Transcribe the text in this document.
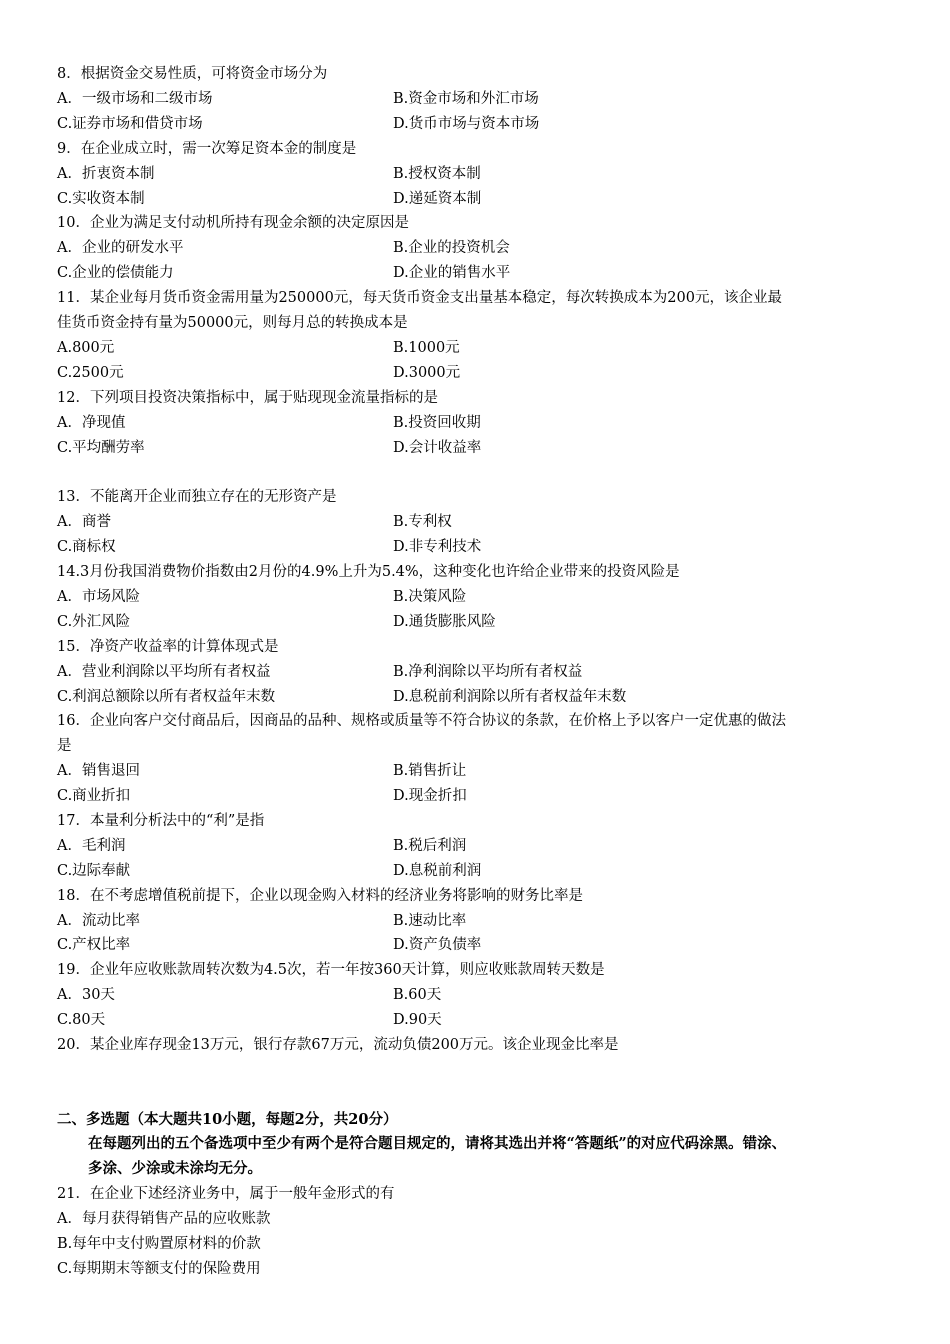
8．根据资金交易性质，可将资金市场分为
A．一级市场和二级市场	B.资金市场和外汇市场
C.证券市场和借贷市场	D.货币市场与资本市场
9．在企业成立时，需一次筹足资本金的制度是
A．折衷资本制	B.授权资本制
C.实收资本制	D.递延资本制
10．企业为满足支付动机所持有现金余额的决定原因是
A．企业的研发水平	B.企业的投资机会
C.企业的偿债能力	D.企业的销售水平
11．某企业每月货币资金需用量为250000元，每天货币资金支出量基本稳定，每次转换成本为200元，该企业最
佳货币资金持有量为50000元，则每月总的转换成本是
A.800元	B.1000元
C.2500元	D.3000元
12．下列项目投资决策指标中，属于贴现现金流量指标的是
A．净现值	B.投资回收期
C.平均酬劳率	D.会计收益率
13．不能离开企业而独立存在的无形资产是
A．商誉	B.专利权
C.商标权	D.非专利技术
14.3月份我国消费物价指数由2月份的4.9%上升为5.4%，这种变化也许给企业带来的投资风险是
A．市场风险	B.决策风险
C.外汇风险	D.通货膨胀风险
15．净资产收益率的计算体现式是
A．营业利润除以平均所有者权益	B.净利润除以平均所有者权益
C.利润总额除以所有者权益年末数	D.息税前利润除以所有者权益年末数
16．企业向客户交付商品后，因商品的品种、规格或质量等不符合协议的条款，在价格上予以客户一定优惠的做法
是
A．销售退回	B.销售折让
C.商业折扣	D.现金折扣
17．本量利分析法中的“利”是指
A．毛利润	B.税后利润
C.边际奉献	D.息税前利润
18．在不考虑增值税前提下，企业以现金购入材料的经济业务将影响的财务比率是
A．流动比率	B.速动比率
C.产权比率	D.资产负债率
19．企业年应收账款周转次数为4.5次，若一年按360天计算，则应收账款周转天数是
A．30天	B.60天
C.80天	D.90天
20．某企业库存现金13万元，银行存款67万元，流动负债200万元。该企业现金比率是
二、多选题（本大题共10小题，每题2分，共20分）
在每题列出的五个备选项中至少有两个是符合题目规定的，请将其选出并将“答题纸”的对应代码涂黑。错涂、
多涂、少涂或未涂均无分。
21．在企业下述经济业务中，属于一般年金形式的有
A．每月获得销售产品的应收账款
B.每年中支付购置原材料的价款
C.每期期末等额支付的保险费用
